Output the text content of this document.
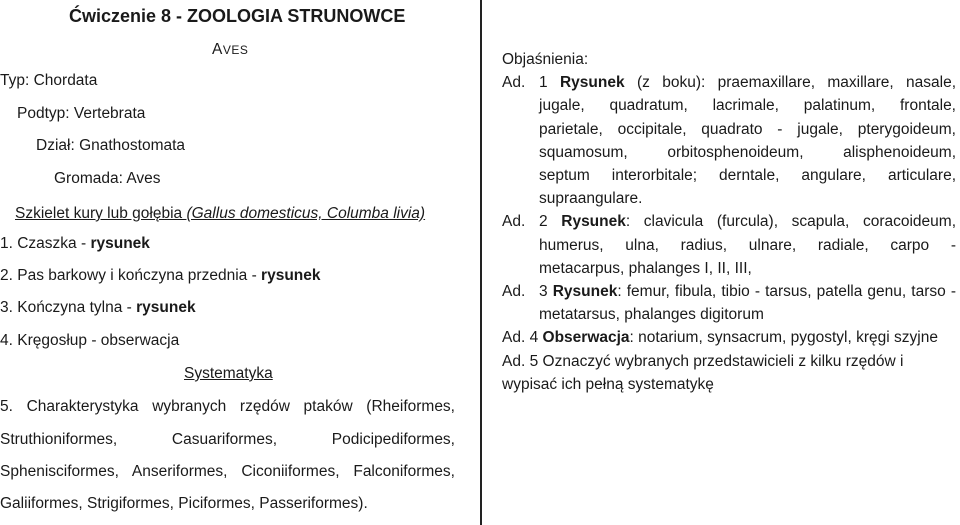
Ćwiczenie 8 - ZOOLOGIA STRUNOWCE
AVES
Typ: Chordata
Podtyp: Vertebrata
Dział: Gnathostomata
Gromada: Aves
Szkielet kury lub gołębia (Gallus domesticus, Columba livia)
1. Czaszka - rysunek
2. Pas barkowy i kończyna przednia - rysunek
3. Kończyna tylna - rysunek
4. Kręgosłup - obserwacja
Systematyka
5. Charakterystyka wybranych rzędów ptaków (Rheiformes,
Struthioniformes, Casuariformes, Podicipediformes,
Sphenisciformes, Anseriformes, Ciconiiformes, Falconiformes,
Galiiformes, Strigiformes, Piciformes, Passeriformes).
Objaśnienia:
Ad. 1 Rysunek (z boku): praemaxillare, maxillare, nasale,
jugale, quadratum, lacrimale, palatinum, frontale,
parietale, occipitale, quadrato - jugale, pterygoideum,
squamosum, orbitosphenoideum, alisphenoideum,
septum interorbitale; derntale, angulare, articulare,
supraangulare.
Ad. 2 Rysunek: clavicula (furcula), scapula, coracoideum,
humerus, ulna, radius, ulnare, radiale, carpo -
metacarpus, phalanges I, II, III,
Ad. 3 Rysunek: femur, fibula, tibio - tarsus, patella genu, tarso -
metatarsus, phalanges digitorum
Ad. 4 Obserwacja: notarium, synsacrum, pygostyl, kręgi szyjne
Ad. 5 Oznaczyć wybranych przedstawicieli z kilku rzędów i
wypisać ich pełną systematykę
